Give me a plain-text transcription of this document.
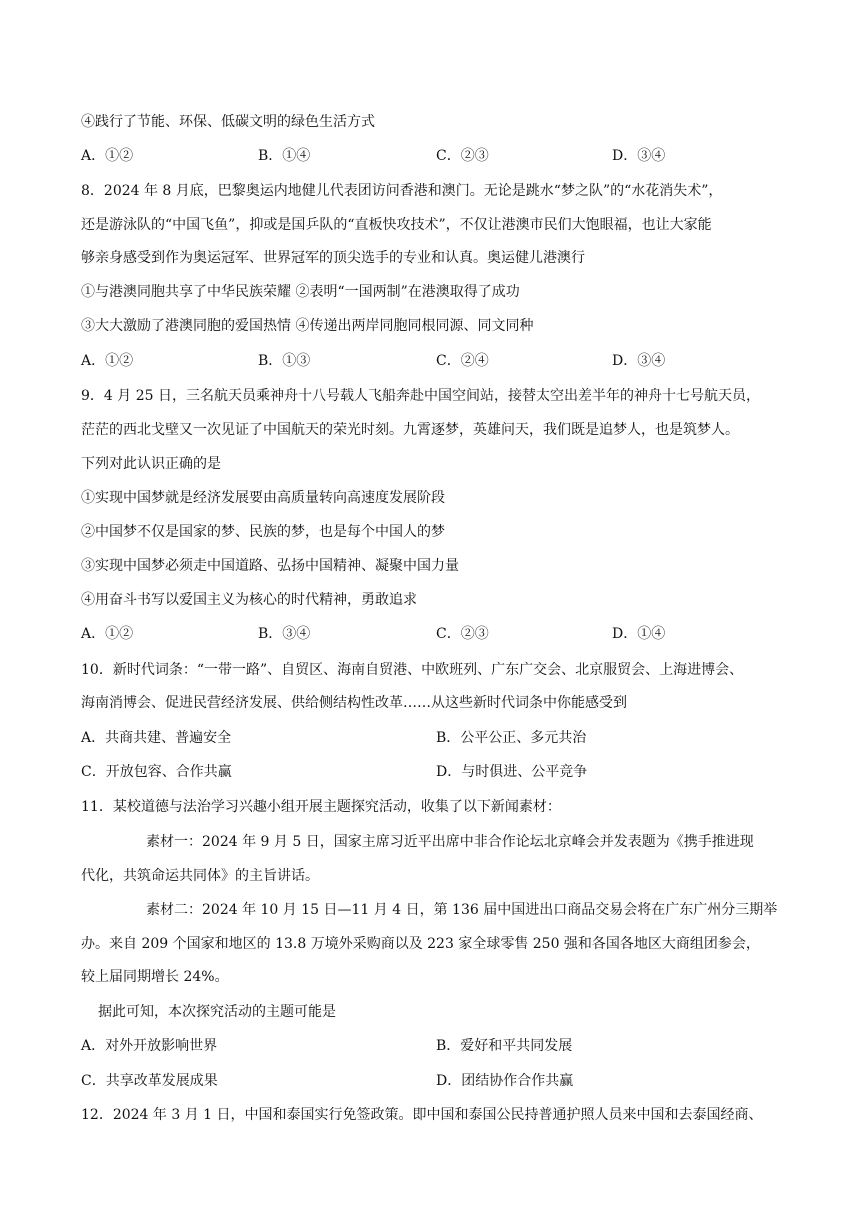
④践行了节能、环保、低碳文明的绿色生活方式
A．①②	B．①④	C．②③	D．③④
8．2024 年 8 月底，巴黎奥运内地健儿代表团访问香港和澳门。无论是跳水“梦之队”的“水花消失术”，
还是游泳队的“中国飞鱼”，抑或是国乒队的“直板快攻技术”，不仅让港澳市民们大饱眼福，也让大家能
够亲身感受到作为奥运冠军、世界冠军的顶尖选手的专业和认真。奥运健儿港澳行
①与港澳同胞共享了中华民族荣耀 ②表明“一国两制”在港澳取得了成功
③大大激励了港澳同胞的爱国热情 ④传递出两岸同胞同根同源、同文同种
A．①②	B．①③	C．②④	D．③④
9．4 月 25 日，三名航天员乘神舟十八号载人飞船奔赴中国空间站，接替太空出差半年的神舟十七号航天员，
茫茫的西北戈壁又一次见证了中国航天的荣光时刻。九霄逐梦，英雄问天，我们既是追梦人，也是筑梦人。
下列对此认识正确的是
①实现中国梦就是经济发展要由高质量转向高速度发展阶段
②中国梦不仅是国家的梦、民族的梦，也是每个中国人的梦
③实现中国梦必须走中国道路、弘扬中国精神、凝聚中国力量
④用奋斗书写以爱国主义为核心的时代精神，勇敢追求
A．①②	B．③④	C．②③	D．①④
10．新时代词条：“一带一路”、自贸区、海南自贸港、中欧班列、广东广交会、北京服贸会、上海进博会、
海南消博会、促进民营经济发展、供给侧结构性改革……从这些新时代词条中你能感受到
A．共商共建、普遍安全	B．公平公正、多元共治
C．开放包容、合作共赢	D．与时俱进、公平竞争
11．某校道德与法治学习兴趣小组开展主题探究活动，收集了以下新闻素材：
素材一：2024 年 9 月 5 日，国家主席习近平出席中非合作论坛北京峰会并发表题为《携手推进现
代化，共筑命运共同体》的主旨讲话。
素材二：2024 年 10 月 15 日—11 月 4 日，第 136 届中国进出口商品交易会将在广东广州分三期举
办。来自 209 个国家和地区的 13.8 万境外采购商以及 223 家全球零售 250 强和各国各地区大商组团参会，
较上届同期增长 24%。
据此可知，本次探究活动的主题可能是
A．对外开放影响世界	B．爱好和平共同发展
C．共享改革发展成果	D．团结协作合作共赢
12．2024 年 3 月 1 日，中国和泰国实行免签政策。即中国和泰国公民持普通护照人员来中国和去泰国经商、
